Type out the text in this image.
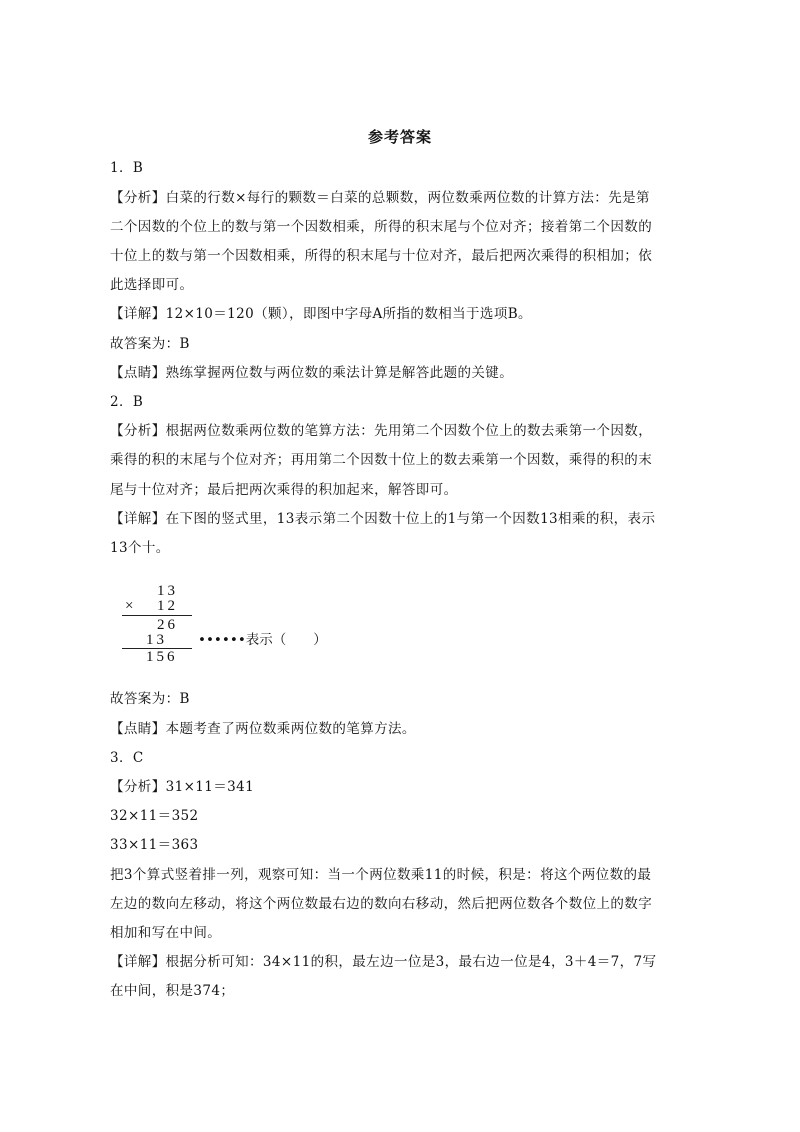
参考答案
1．B
【分析】白菜的行数×每行的颗数＝白菜的总颗数，两位数乘两位数的计算方法：先是第
二个因数的个位上的数与第一个因数相乘，所得的积末尾与个位对齐；接着第二个因数的
十位上的数与第一个因数相乘，所得的积末尾与十位对齐，最后把两次乘得的积相加；依
此选择即可。
【详解】12×10＝120（颗），即图中字母A所指的数相当于选项B。
故答案为：B
【点睛】熟练掌握两位数与两位数的乘法计算是解答此题的关键。
2．B
【分析】根据两位数乘两位数的笔算方法：先用第二个因数个位上的数去乘第一个因数，
乘得的积的末尾与个位对齐；再用第二个因数十位上的数去乘第一个因数，乘得的积的末
尾与十位对齐；最后把两次乘得的积加起来，解答即可。
【详解】在下图的竖式里，13表示第二个因数十位上的1与第一个因数13相乘的积，表示
13个十。
13
× 12
26
13 ••••••表示（　　）
156
故答案为：B
【点睛】本题考查了两位数乘两位数的笔算方法。
3．C
【分析】31×11＝341
32×11＝352
33×11＝363
把3个算式竖着排一列，观察可知：当一个两位数乘11的时候，积是：将这个两位数的最
左边的数向左移动，将这个两位数最右边的数向右移动，然后把两位数各个数位上的数字
相加和写在中间。
【详解】根据分析可知：34×11的积，最左边一位是3，最右边一位是4，3＋4＝7，7写
在中间，积是374；
